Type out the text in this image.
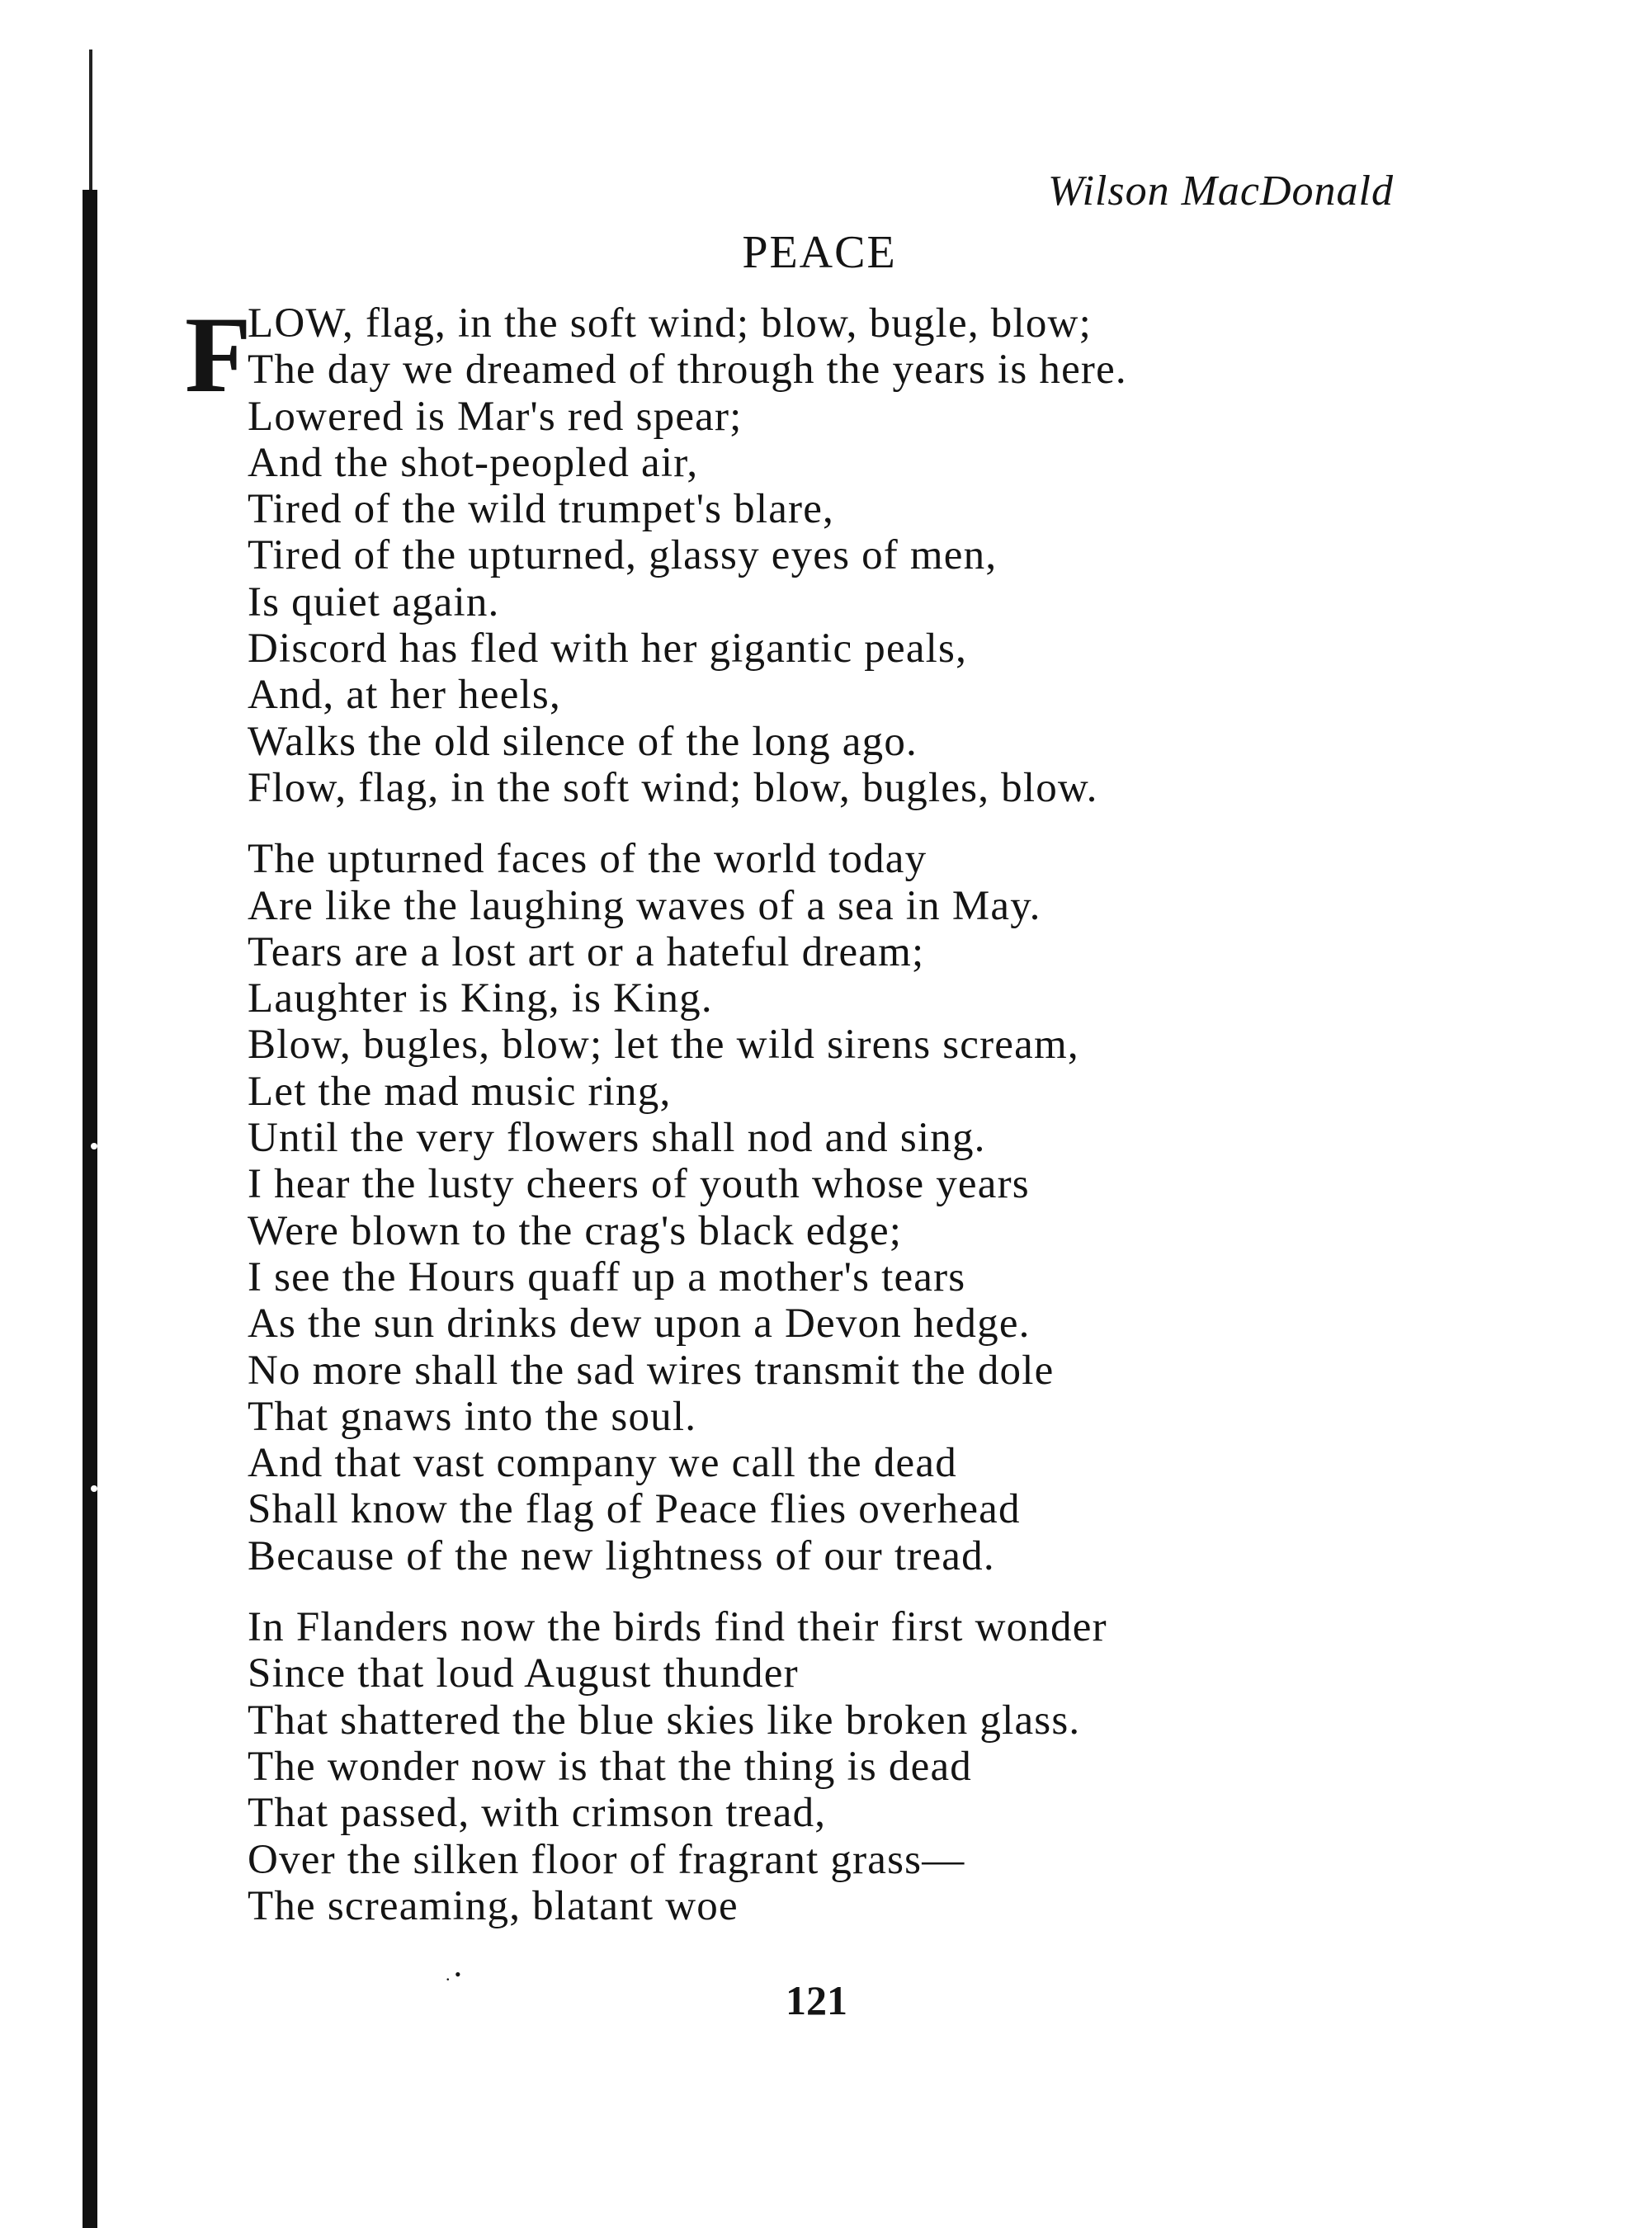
Wilson MacDonald
PEACE
F
LOW, flag, in the soft wind; blow, bugle, blow;
The day we dreamed of through the years is here.
Lowered is Mar's red spear;
And the shot-peopled air,
Tired of the wild trumpet's blare,
Tired of the upturned, glassy eyes of men,
Is quiet again.
Discord has fled with her gigantic peals,
And, at her heels,
Walks the old silence of the long ago.
Flow, flag, in the soft wind; blow, bugles, blow.
The upturned faces of the world today
Are like the laughing waves of a sea in May.
Tears are a lost art or a hateful dream;
Laughter is King, is King.
Blow, bugles, blow; let the wild sirens scream,
Let the mad music ring,
Until the very flowers shall nod and sing.
I hear the lusty cheers of youth whose years
Were blown to the crag's black edge;
I see the Hours quaff up a mother's tears
As the sun drinks dew upon a Devon hedge.
No more shall the sad wires transmit the dole
That gnaws into the soul.
And that vast company we call the dead
Shall know the flag of Peace flies overhead
Because of the new lightness of our tread.
In Flanders now the birds find their first wonder
Since that loud August thunder
That shattered the blue skies like broken glass.
The wonder now is that the thing is dead
That passed, with crimson tread,
Over the silken floor of fragrant grass—
The screaming, blatant woe
. •
121
